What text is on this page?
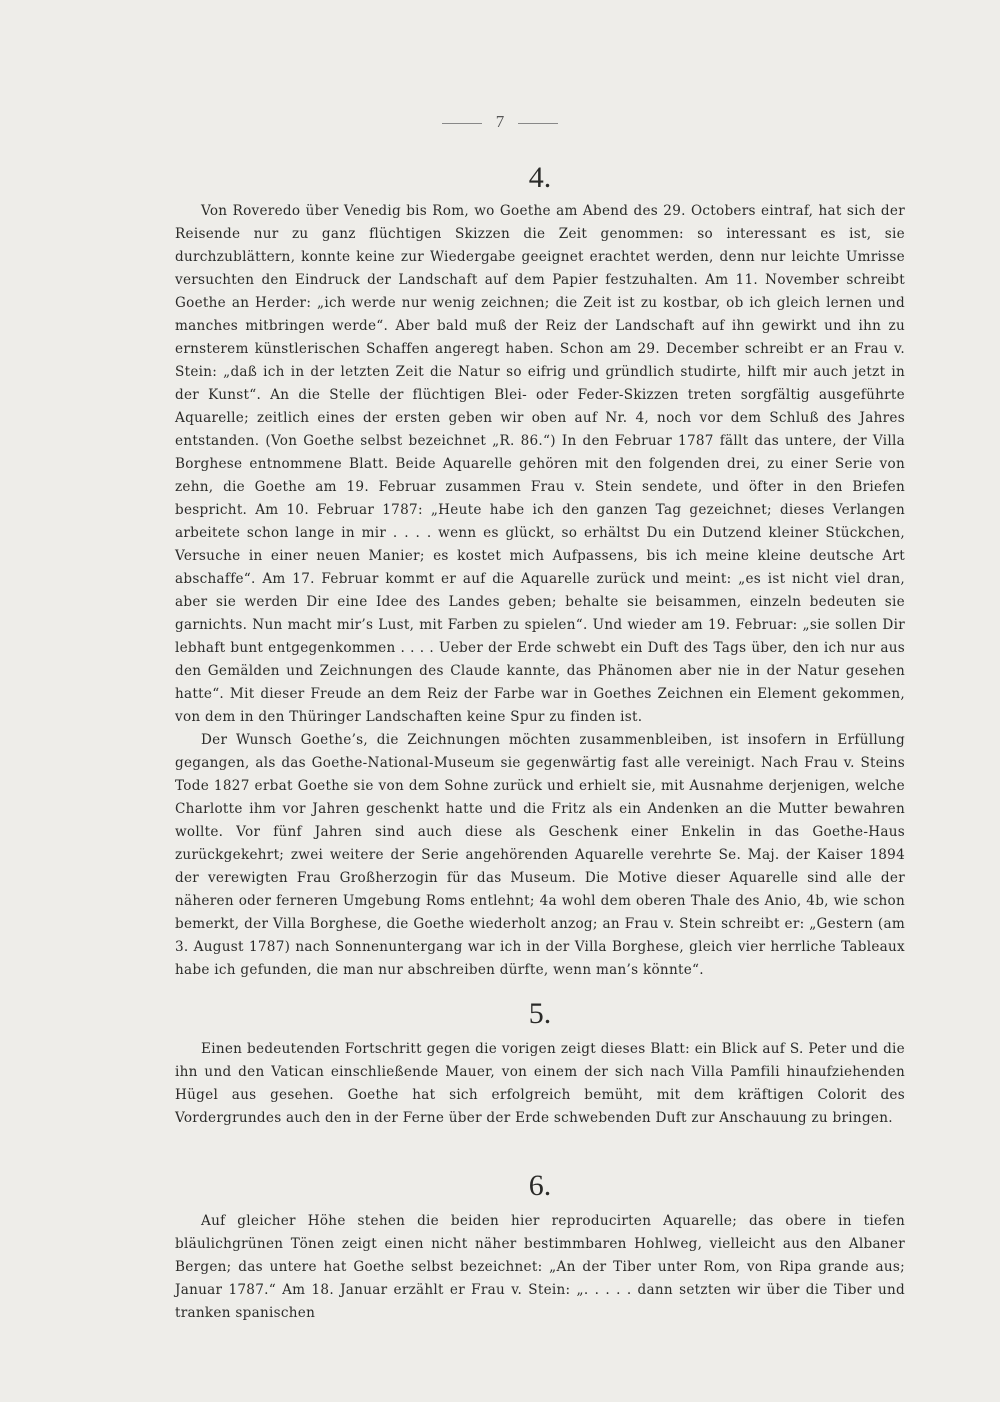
7
4.

Von Roveredo über Venedig bis Rom, wo Goethe am Abend des 29. Octobers eintraf, hat sich der Reisende nur zu ganz flüchtigen Skizzen die Zeit genommen: so interessant es ist, sie durchzublättern, konnte keine zur Wiedergabe geeignet erachtet werden, denn nur leichte Umrisse versuchten den Eindruck der Landschaft auf dem Papier festzuhalten. Am 11. November schreibt Goethe an Herder: „ich werde nur wenig zeichnen; die Zeit ist zu kostbar, ob ich gleich lernen und manches mitbringen werde“. Aber bald muß der Reiz der Landschaft auf ihn gewirkt und ihn zu ernsterem künstlerischen Schaffen angeregt haben. Schon am 29. December schreibt er an Frau v. Stein: „daß ich in der letzten Zeit die Natur so eifrig und gründlich studirte, hilft mir auch jetzt in der Kunst“. An die Stelle der flüchtigen Blei- oder Feder-Skizzen treten sorgfältig ausgeführte Aquarelle; zeitlich eines der ersten geben wir oben auf Nr. 4, noch vor dem Schluß des Jahres entstanden. (Von Goethe selbst bezeichnet „R. 86.“) In den Februar 1787 fällt das untere, der Villa Borghese entnommene Blatt. Beide Aquarelle gehören mit den folgenden drei, zu einer Serie von zehn, die Goethe am 19. Februar zusammen Frau v. Stein sendete, und öfter in den Briefen bespricht. Am 10. Februar 1787: „Heute habe ich den ganzen Tag gezeichnet; dieses Verlangen arbeitete schon lange in mir . . . . wenn es glückt, so erhältst Du ein Dutzend kleiner Stückchen, Versuche in einer neuen Manier; es kostet mich Aufpassens, bis ich meine kleine deutsche Art abschaffe“. Am 17. Februar kommt er auf die Aquarelle zurück und meint: „es ist nicht viel dran, aber sie werden Dir eine Idee des Landes geben; behalte sie beisammen, einzeln bedeuten sie garnichts. Nun macht mir’s Lust, mit Farben zu spielen“. Und wieder am 19. Februar: „sie sollen Dir lebhaft bunt entgegenkommen . . . . Ueber der Erde schwebt ein Duft des Tags über, den ich nur aus den Gemälden und Zeichnungen des Claude kannte, das Phänomen aber nie in der Natur gesehen hatte“. Mit dieser Freude an dem Reiz der Farbe war in Goethes Zeichnen ein Element gekommen, von dem in den Thüringer Landschaften keine Spur zu finden ist.

Der Wunsch Goethe’s, die Zeichnungen möchten zusammenbleiben, ist insofern in Erfüllung gegangen, als das Goethe-National-Museum sie gegenwärtig fast alle vereinigt. Nach Frau v. Steins Tode 1827 erbat Goethe sie von dem Sohne zurück und erhielt sie, mit Ausnahme derjenigen, welche Charlotte ihm vor Jahren geschenkt hatte und die Fritz als ein Andenken an die Mutter bewahren wollte. Vor fünf Jahren sind auch diese als Geschenk einer Enkelin in das Goethe-Haus zurückgekehrt; zwei weitere der Serie angehörenden Aquarelle verehrte Se. Maj. der Kaiser 1894 der verewigten Frau Großherzogin für das Museum. Die Motive dieser Aquarelle sind alle der näheren oder ferneren Umgebung Roms entlehnt; 4a wohl dem oberen Thale des Anio, 4b, wie schon bemerkt, der Villa Borghese, die Goethe wiederholt anzog; an Frau v. Stein schreibt er: „Gestern (am 3. August 1787) nach Sonnenuntergang war ich in der Villa Borghese, gleich vier herrliche Tableaux habe ich gefunden, die man nur abschreiben dürfte, wenn man’s könnte“.

5.

Einen bedeutenden Fortschritt gegen die vorigen zeigt dieses Blatt: ein Blick auf S. Peter und die ihn und den Vatican einschließende Mauer, von einem der sich nach Villa Pamfili hinaufziehenden Hügel aus gesehen. Goethe hat sich erfolgreich bemüht, mit dem kräftigen Colorit des Vordergrundes auch den in der Ferne über der Erde schwebenden Duft zur Anschauung zu bringen.

6.

Auf gleicher Höhe stehen die beiden hier reproducirten Aquarelle; das obere in tiefen bläulichgrünen Tönen zeigt einen nicht näher bestimmbaren Hohlweg, vielleicht aus den Albaner Bergen; das untere hat Goethe selbst bezeichnet: „An der Tiber unter Rom, von Ripa grande aus; Januar 1787.“ Am 18. Januar erzählt er Frau v. Stein: „. . . . . dann setzten wir über die Tiber und tranken spanischen
